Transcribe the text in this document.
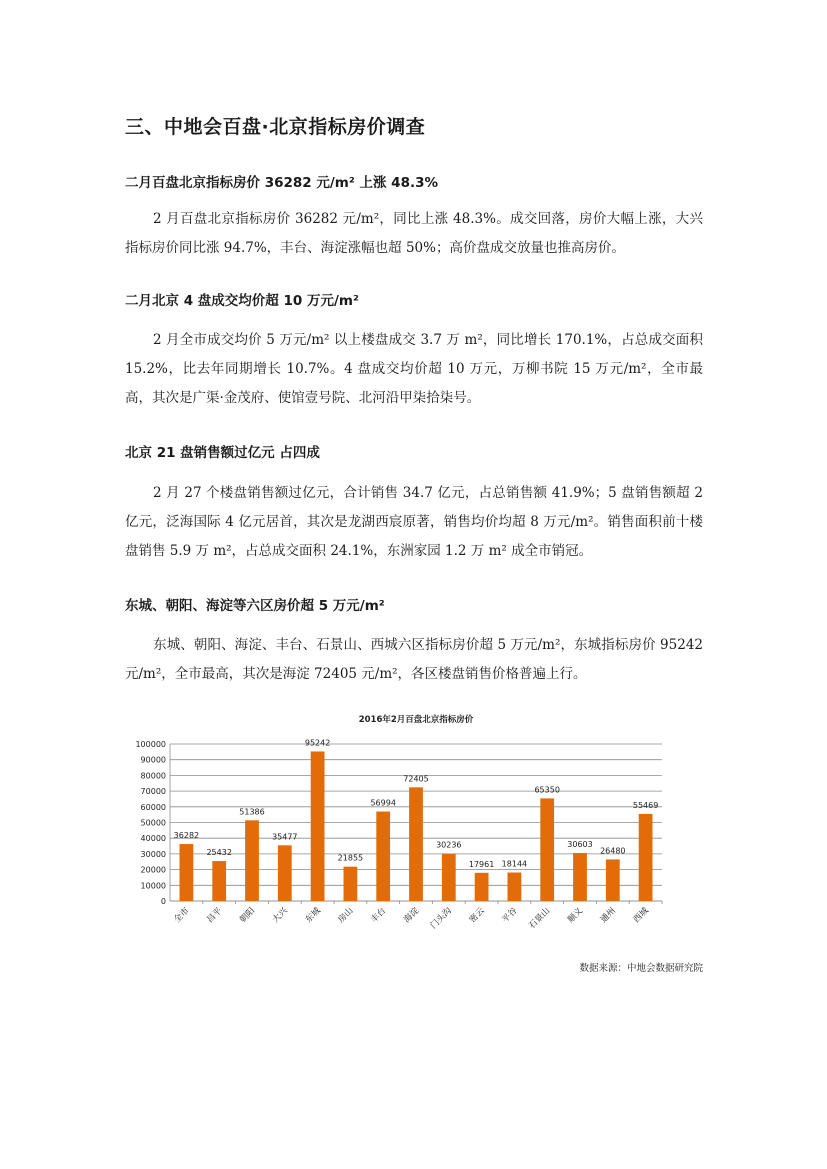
三、中地会百盘·北京指标房价调查
二月百盘北京指标房价 36282 元/m² 上涨 48.3%
2 月百盘北京指标房价 36282 元/m²，同比上涨 48.3%。成交回落，房价大幅上涨，大兴指标房价同比涨 94.7%，丰台、海淀涨幅也超 50%；高价盘成交放量也推高房价。
二月北京 4 盘成交均价超 10 万元/m²
2 月全市成交均价 5 万元/m² 以上楼盘成交 3.7 万 m²，同比增长 170.1%，占总成交面积 15.2%，比去年同期增长 10.7%。4 盘成交均价超 10 万元，万柳书院 15 万元/m²，全市最高，其次是广渠·金茂府、使馆壹号院、北河沿甲柒拾柒号。
北京 21 盘销售额过亿元 占四成
2 月 27 个楼盘销售额过亿元，合计销售 34.7 亿元，占总销售额 41.9%；5 盘销售额超 2 亿元，泛海国际 4 亿元居首，其次是龙湖西宸原著，销售均价均超 8 万元/m²。销售面积前十楼盘销售 5.9 万 m²，占总成交面积 24.1%，东洲家园 1.2 万 m² 成全市销冠。
东城、朝阳、海淀等六区房价超 5 万元/m²
东城、朝阳、海淀、丰台、石景山、西城六区指标房价超 5 万元/m²，东城指标房价 95242 元/m²，全市最高，其次是海淀 72405 元/m²，各区楼盘销售价格普遍上行。
2016年2月百盘北京指标房价
0
10000
20000
30000
40000
50000
60000
70000
80000
90000
100000
36282
全市
25432
昌平
51386
朝阳
35477
大兴
95242
东城
21855
房山
56994
丰台
72405
海淀
30236
门头沟
17961
密云
18144
平谷
65350
石景山
30603
顺义
26480
通州
55469
西城
数据来源：中地会数据研究院
